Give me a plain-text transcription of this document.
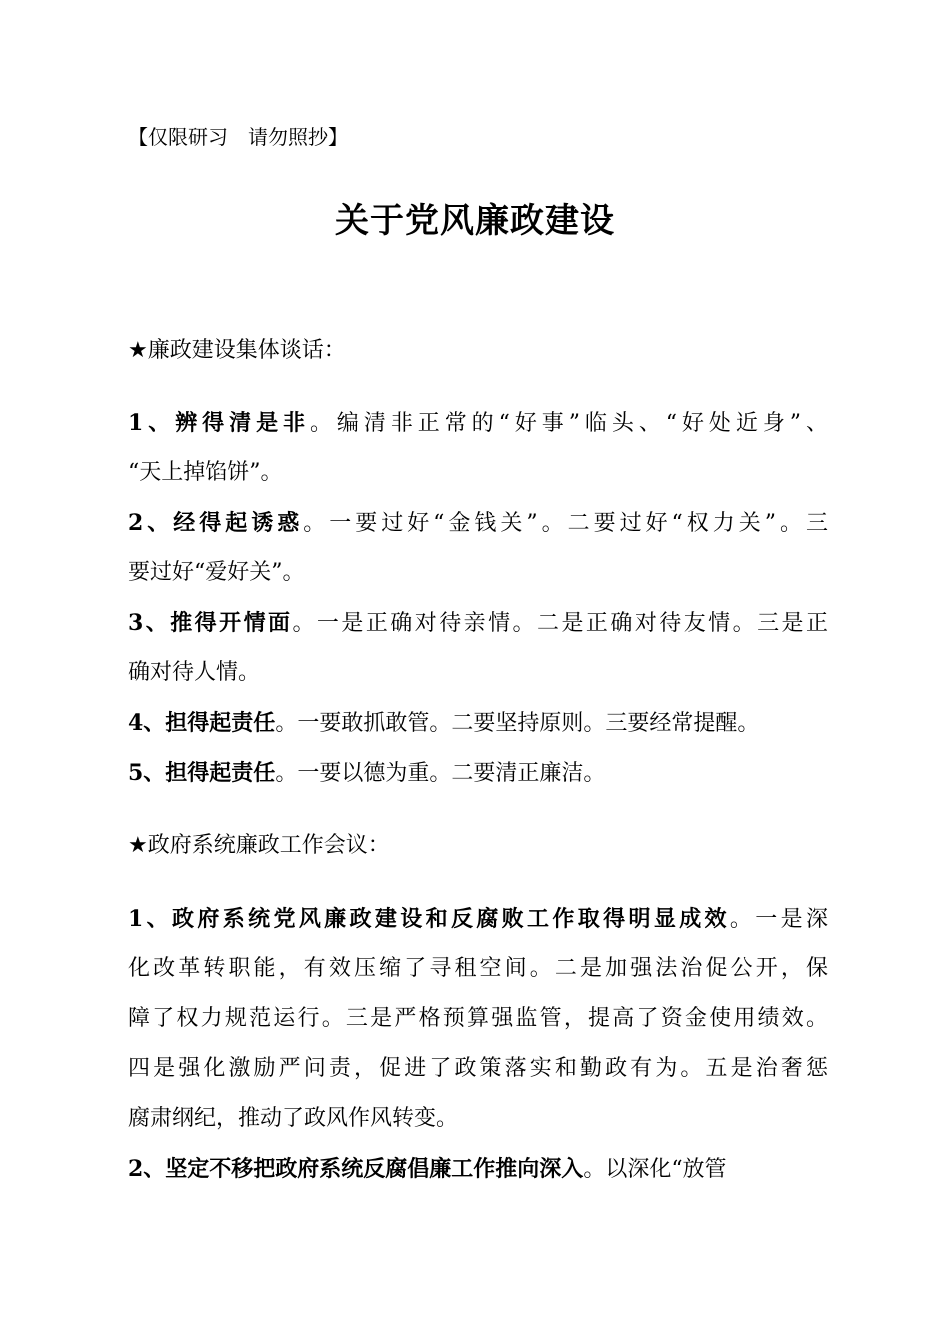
【仅限研习　请勿照抄】
关于党风廉政建设
★廉政建设集体谈话：
1、辨得清是非。编清非正常的“好事”临头、“好处近身”、
“天上掉馅饼”。
2、经得起诱惑。一要过好“金钱关”。二要过好“权力关”。三
要过好“爱好关”。
3、推得开情面。一是正确对待亲情。二是正确对待友情。三是正
确对待人情。
4、担得起责任。一要敢抓敢管。二要坚持原则。三要经常提醒。
5、担得起责任。一要以德为重。二要清正廉洁。
★政府系统廉政工作会议：
1、政府系统党风廉政建设和反腐败工作取得明显成效。一是深
化改革转职能，有效压缩了寻租空间。二是加强法治促公开，保
障了权力规范运行。三是严格预算强监管，提高了资金使用绩效。
四是强化激励严问责，促进了政策落实和勤政有为。五是治奢惩
腐肃纲纪，推动了政风作风转变。
2、坚定不移把政府系统反腐倡廉工作推向深入。以深化“放管
